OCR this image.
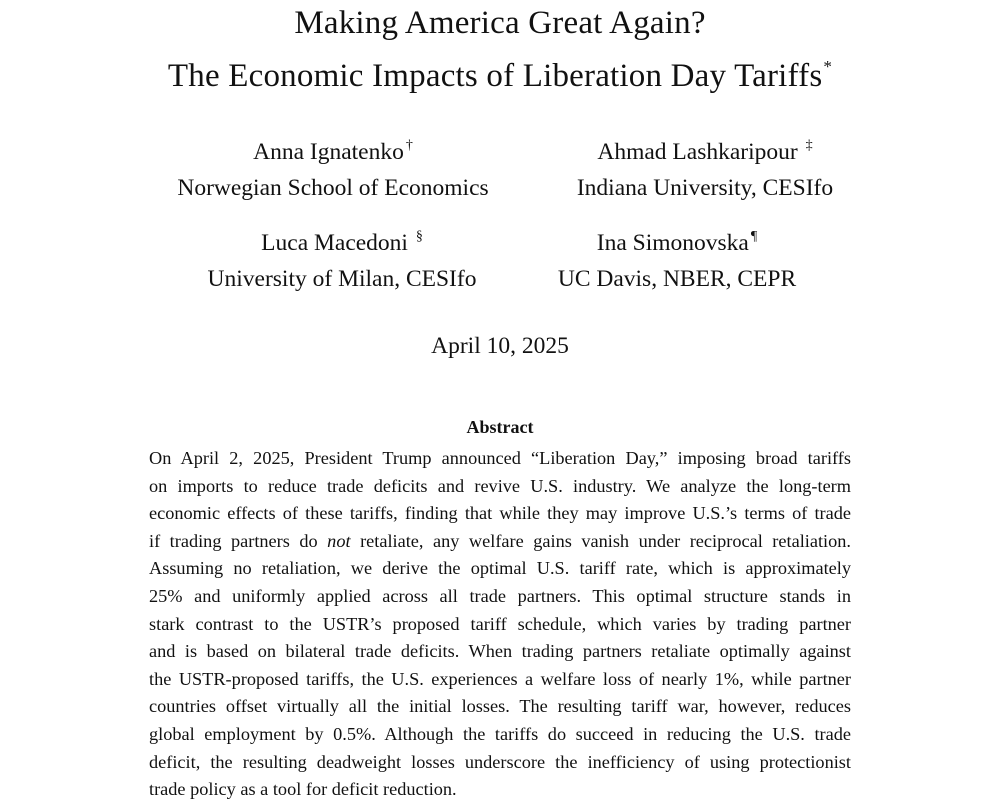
Making America Great Again?
The Economic Impacts of Liberation Day Tariffs*
Anna Ignatenko †
Norwegian School of Economics
Ahmad Lashkaripour ‡
Indiana University, CESIfo
Luca Macedoni §
University of Milan, CESIfo
Ina Simonovska ¶
UC Davis, NBER, CEPR
April 10, 2025
Abstract
On April 2, 2025, President Trump announced “Liberation Day,” imposing broad tariffs
on imports to reduce trade deficits and revive U.S. industry. We analyze the long-term
economic effects of these tariffs, finding that while they may improve U.S.’s terms of trade
if trading partners do not retaliate, any welfare gains vanish under reciprocal retaliation.
Assuming no retaliation, we derive the optimal U.S. tariff rate, which is approximately
25% and uniformly applied across all trade partners. This optimal structure stands in
stark contrast to the USTR’s proposed tariff schedule, which varies by trading partner
and is based on bilateral trade deficits. When trading partners retaliate optimally against
the USTR-proposed tariffs, the U.S. experiences a welfare loss of nearly 1%, while partner
countries offset virtually all the initial losses. The resulting tariff war, however, reduces
global employment by 0.5%. Although the tariffs do succeed in reducing the U.S. trade
deficit, the resulting deadweight losses underscore the inefficiency of using protectionist
trade policy as a tool for deficit reduction.
